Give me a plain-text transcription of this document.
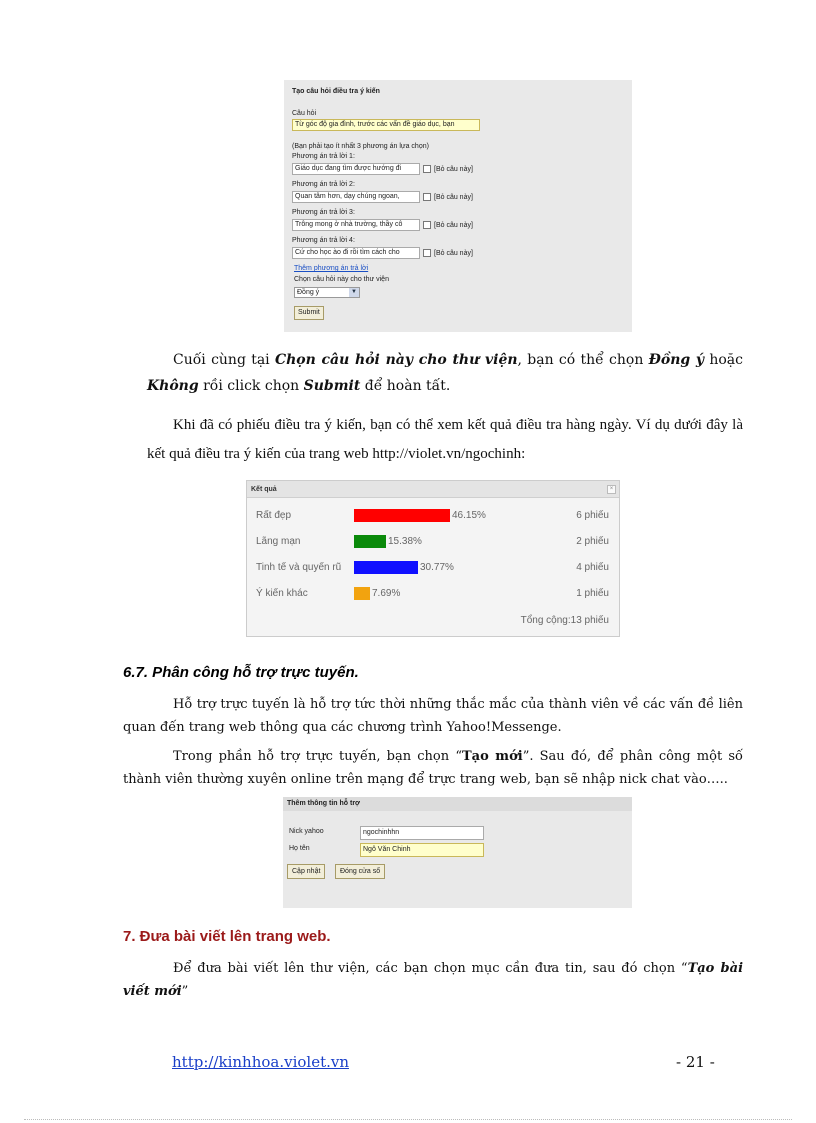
Tạo câu hỏi điều tra ý kiến
Câu hỏi
Từ góc độ gia đình, trước các vấn đề giáo dục, bạn
(Bạn phải tạo ít nhất 3 phương án lựa chọn)
Phương án trả lời 1:
Giáo dục đang tìm được hướng đi	[Bỏ câu này]
Phương án trả lời 2:
Quan tâm hơn, dạy chúng ngoan,	[Bỏ câu này]
Phương án trả lời 3:
Trông mong ở nhà trường, thầy cô	[Bỏ câu này]
Phương án trả lời 4:
Cứ cho học ào đi rồi tìm cách cho	[Bỏ câu này]
Thêm phương án trả lời
Chọn câu hỏi này cho thư viện
Đồng ý	▼
Submit
Cuối cùng tại Chọn câu hỏi này cho thư viện, bạn có thể chọn Đồng ý hoặc Không rồi click chọn Submit để hoàn tất.
Khi đã có phiếu điều tra ý kiến, bạn có thể xem kết quả điều tra hàng ngày. Ví dụ dưới đây là kết quả điều tra ý kiến của trang web http://violet.vn/ngochinh:
Kết quả	×
Rất đẹp	46.15%	6 phiếu
Lãng mạn	15.38%	2 phiếu
Tinh tế và quyến rũ	30.77%	4 phiếu
Ý kiến khác	7.69%	1 phiếu
Tổng cộng:13 phiếu
6.7. Phân công hỗ trợ trực tuyến.
Hỗ trợ trực tuyến là hỗ trợ tức thời những thắc mắc của thành viên về các vấn đề liên quan đến trang web thông qua các chương trình Yahoo!Messenge.
Trong phần hỗ trợ trực tuyến, bạn chọn “Tạo mới”. Sau đó, để phân công một số thành viên thường xuyên online trên mạng để trực trang web, bạn sẽ nhập nick chat vào…..
Thêm thông tin hỗ trợ
Nick yahoo	ngochinhhn
Họ tên	Ngô Văn Chinh
Cập nhật	Đóng cửa sổ
7. Đưa bài viết lên trang web.
Để đưa bài viết lên thư viện, các bạn chọn mục cần đưa tin, sau đó chọn “Tạo bài viết mới”
http://kinhhoa.violet.vn	- 21 -
